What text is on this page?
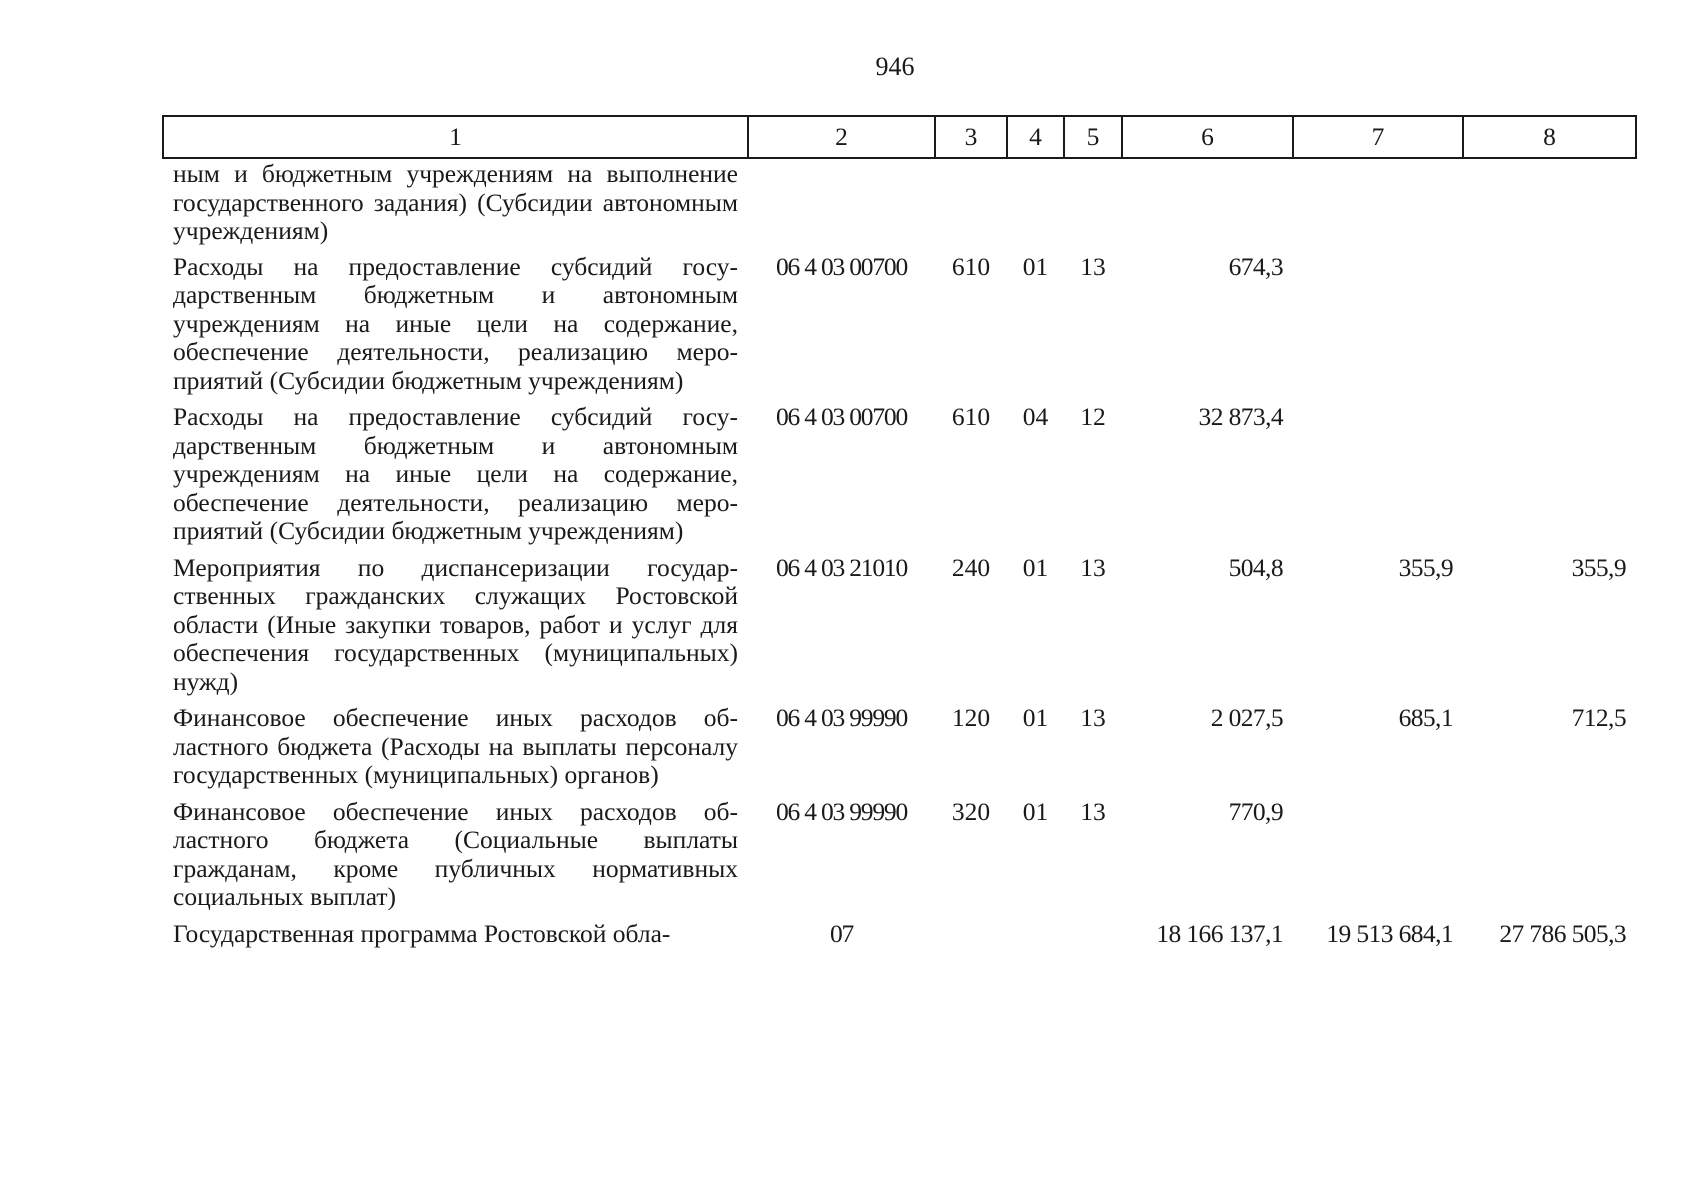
946
1	2	3	4	5	6	7	8
ным и бюджетным учреждениям на выполнение государственного задания) (Субсидии автономным учреждениям)							
Расходы на предоставление субсидий государственным бюджетным и автономным учреждениям на иные цели на содержание, обеспечение деятельности, реализацию мероприятий (Субсидии бюджетным учреждениям)	06 4 03 00700	610	01	13	674,3		
Расходы на предоставление субсидий государственным бюджетным и автономным учреждениям на иные цели на содержание, обеспечение деятельности, реализацию мероприятий (Субсидии бюджетным учреждениям)	06 4 03 00700	610	04	12	32 873,4		
Мероприятия по диспансеризации государственных гражданских служащих Ростовской области (Иные закупки товаров, работ и услуг для обеспечения государственных (муниципальных) нужд)	06 4 03 21010	240	01	13	504,8	355,9	355,9
Финансовое обеспечение иных расходов областного бюджета (Расходы на выплаты персоналу государственных (муниципальных) органов)	06 4 03 99990	120	01	13	2 027,5	685,1	712,5
Финансовое обеспечение иных расходов областного бюджета (Социальные выплаты гражданам, кроме публичных нормативных социальных выплат)	06 4 03 99990	320	01	13	770,9		
Государственная программа Ростовской обла-	07				18 166 137,1	19 513 684,1	27 786 505,3
